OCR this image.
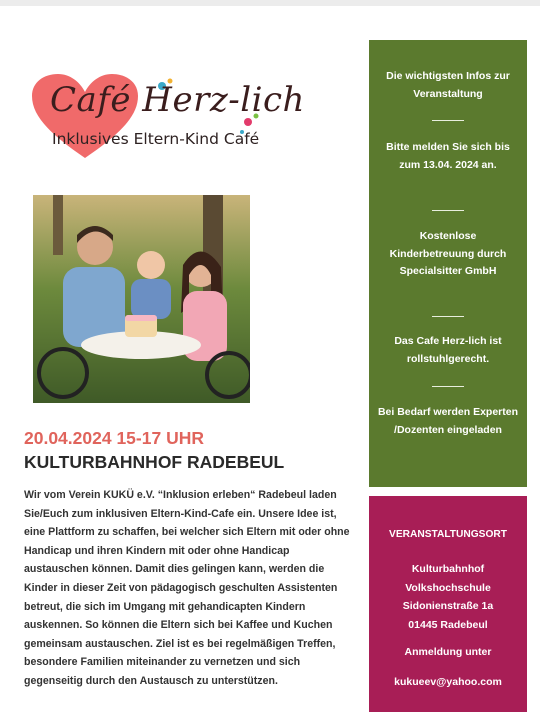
Café Herz-lich
Inklusives Eltern-Kind Café
20.04.2024 15-17 UHR
KULTURBAHNHOF RADEBEUL
Wir vom Verein KUKÜ e.V. “Inklusion erleben“ Radebeul laden Sie/Euch zum inklusiven Eltern-Kind-Cafe ein. Unsere Idee ist, eine Plattform zu schaffen, bei welcher sich Eltern mit oder ohne Handicap und ihren Kindern mit oder ohne Handicap austauschen können. Damit dies gelingen kann, werden die Kinder in dieser Zeit von pädagogisch geschulten Assistenten betreut, die sich im Umgang mit gehandicapten Kindern auskennen. So können die Eltern sich bei Kaffee und Kuchen gemeinsam austauschen. Ziel ist es bei regelmäßigen Treffen, besondere Familien miteinander zu vernetzen und sich gegenseitig durch den Austausch zu unterstützen.
Die wichtigsten Infos zur Veranstaltung
Bitte melden Sie sich bis zum 13.04. 2024 an.
Kostenlose Kinderbetreuung durch Specialsitter GmbH
Das Cafe Herz-lich ist rollstuhlgerecht.
Bei Bedarf werden Experten /Dozenten eingeladen
VERANSTALTUNGSORT
Kulturbahnhof
Volkshochschule
Sidonienstraße 1a
01445 Radebeul
Anmeldung unter
kukueev@yahoo.com
